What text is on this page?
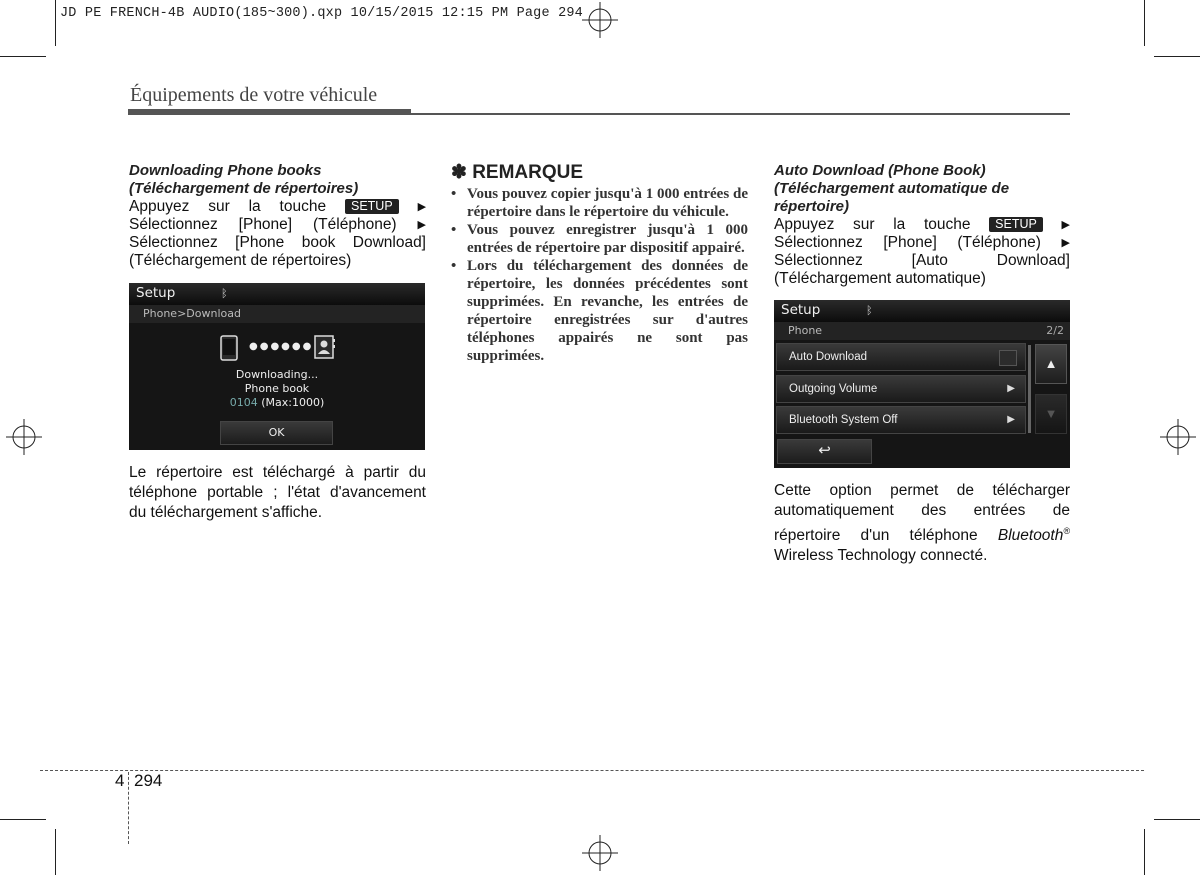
JD PE FRENCH-4B AUDIO(185~300).qxp 10/15/2015 12:15 PM Page 294
Équipements de votre véhicule
Downloading Phone books
(Téléchargement de répertoires)
Appuyez sur la touche SETUP ▶
Sélectionnez [Phone] (Téléphone) ▶
Sélectionnez [Phone book Download]
(Téléchargement de répertoires)
Setup	ᛒ
Phone>Download
●●●●●●
Downloading...
Phone book
0104 (Max:1000)
OK
Le répertoire est téléchargé à partir du
téléphone portable ; l'état d'avancement
du téléchargement s'affiche.
✽ REMARQUE
• Vous pouvez copier jusqu'à 1 000 entrées de répertoire dans le répertoire du véhicule.
• Vous pouvez enregistrer jusqu'à 1 000 entrées de répertoire par dispositif appairé.
• Lors du téléchargement des données de répertoire, les données précédentes sont supprimées. En revanche, les entrées de répertoire enregistrées sur d'autres téléphones appairés ne sont pas supprimées.
Auto Download (Phone Book)
(Téléchargement automatique de
répertoire)
Appuyez sur la touche SETUP ▶
Sélectionnez [Phone] (Téléphone) ▶
Sélectionnez	[Auto	Download]
(Téléchargement automatique)
Setup	ᛒ
Phone	2/2
Auto Download
Outgoing Volume	▶
Bluetooth System Off	▶
▲
▼
↩
Cette option permet de télécharger
automatiquement des entrées de
répertoire d'un téléphone Bluetooth®
Wireless Technology connecté.
4 294
